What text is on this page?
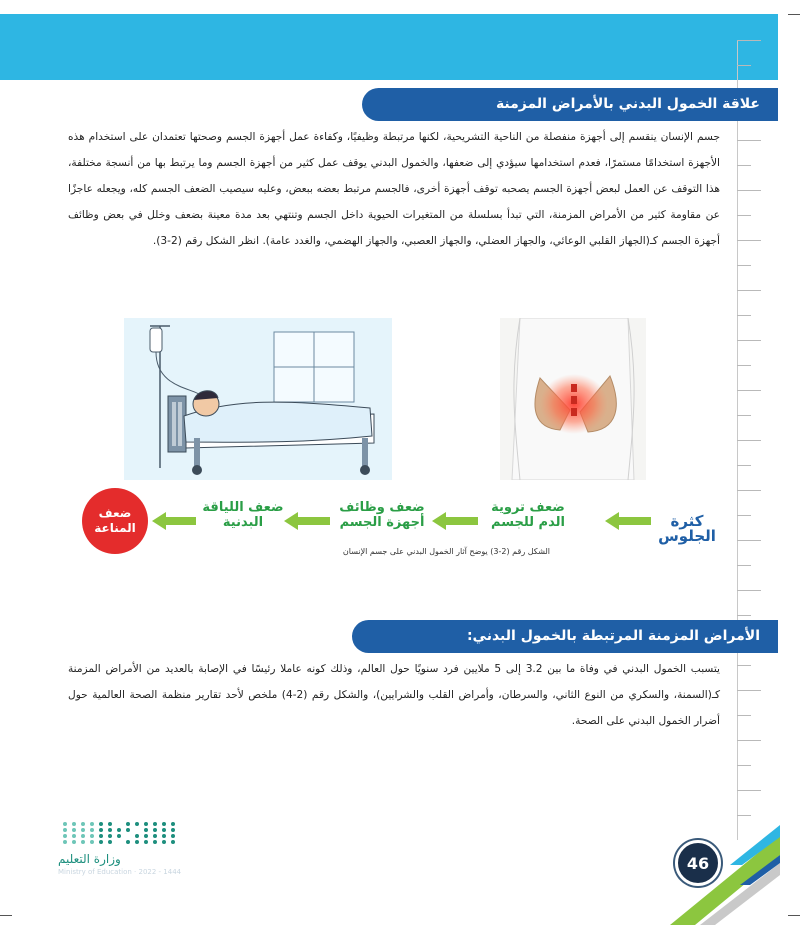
علاقة الخمول البدني بالأمراض المزمنة
جسم الإنسان ينقسم إلى أجهزة منفصلة من الناحية التشريحية، لكنها مرتبطة وظيفيًا، وكفاءة عمل أجهزة الجسم وصحتها تعتمدان على استخدام هذه الأجهزة استخدامًا مستمرًا، فعدم استخدامها سيؤدي إلى ضعفها، والخمول البدني يوقف عمل كثير من أجهزة الجسم وما يرتبط بها من أنسجة مختلفة، هذا التوقف عن العمل لبعض أجهزة الجسم يصحبه توقف أجهزة أخرى، فالجسم مرتبط بعضه ببعض، وعليه سيصيب الضعف الجسم كله، ويجعله عاجزًا عن مقاومة كثير من الأمراض المزمنة، التي تبدأ بسلسلة من المتغيرات الحيوية داخل الجسم وتنتهي بعد مدة معينة بضعف وخلل في بعض وظائف أجهزة الجسم كـ(الجهاز القلبي الوعائي، والجهاز العضلي، والجهاز العصبي، والجهاز الهضمي، والغدد عامة). انظر الشكل رقم (2-3).
كثرة الجلوس
ضعف تروية الدم للجسم
ضعف وظائف أجهزة الجسم
ضعف اللياقة البدنية
ضعف المناعة
الشكل رقم (2-3) يوضح آثار الخمول البدني على جسم الإنسان
الأمراض المزمنة المرتبطة بالخمول البدني:
يتسبب الخمول البدني في وفاة ما بين 3.2 إلى 5 ملايين فرد سنويًا حول العالم، وذلك كونه عاملا رئيسًا في الإصابة بالعديد من الأمراض المزمنة كـ(السمنة، والسكري من النوع الثاني، والسرطان، وأمراض القلب والشرايين)، والشكل رقم (2-4) ملخص لأحد تقارير منظمة الصحة العالمية حول أضرار الخمول البدني على الصحة.
وزارة التعليم
Ministry of Education · 2022 - 1444	46
